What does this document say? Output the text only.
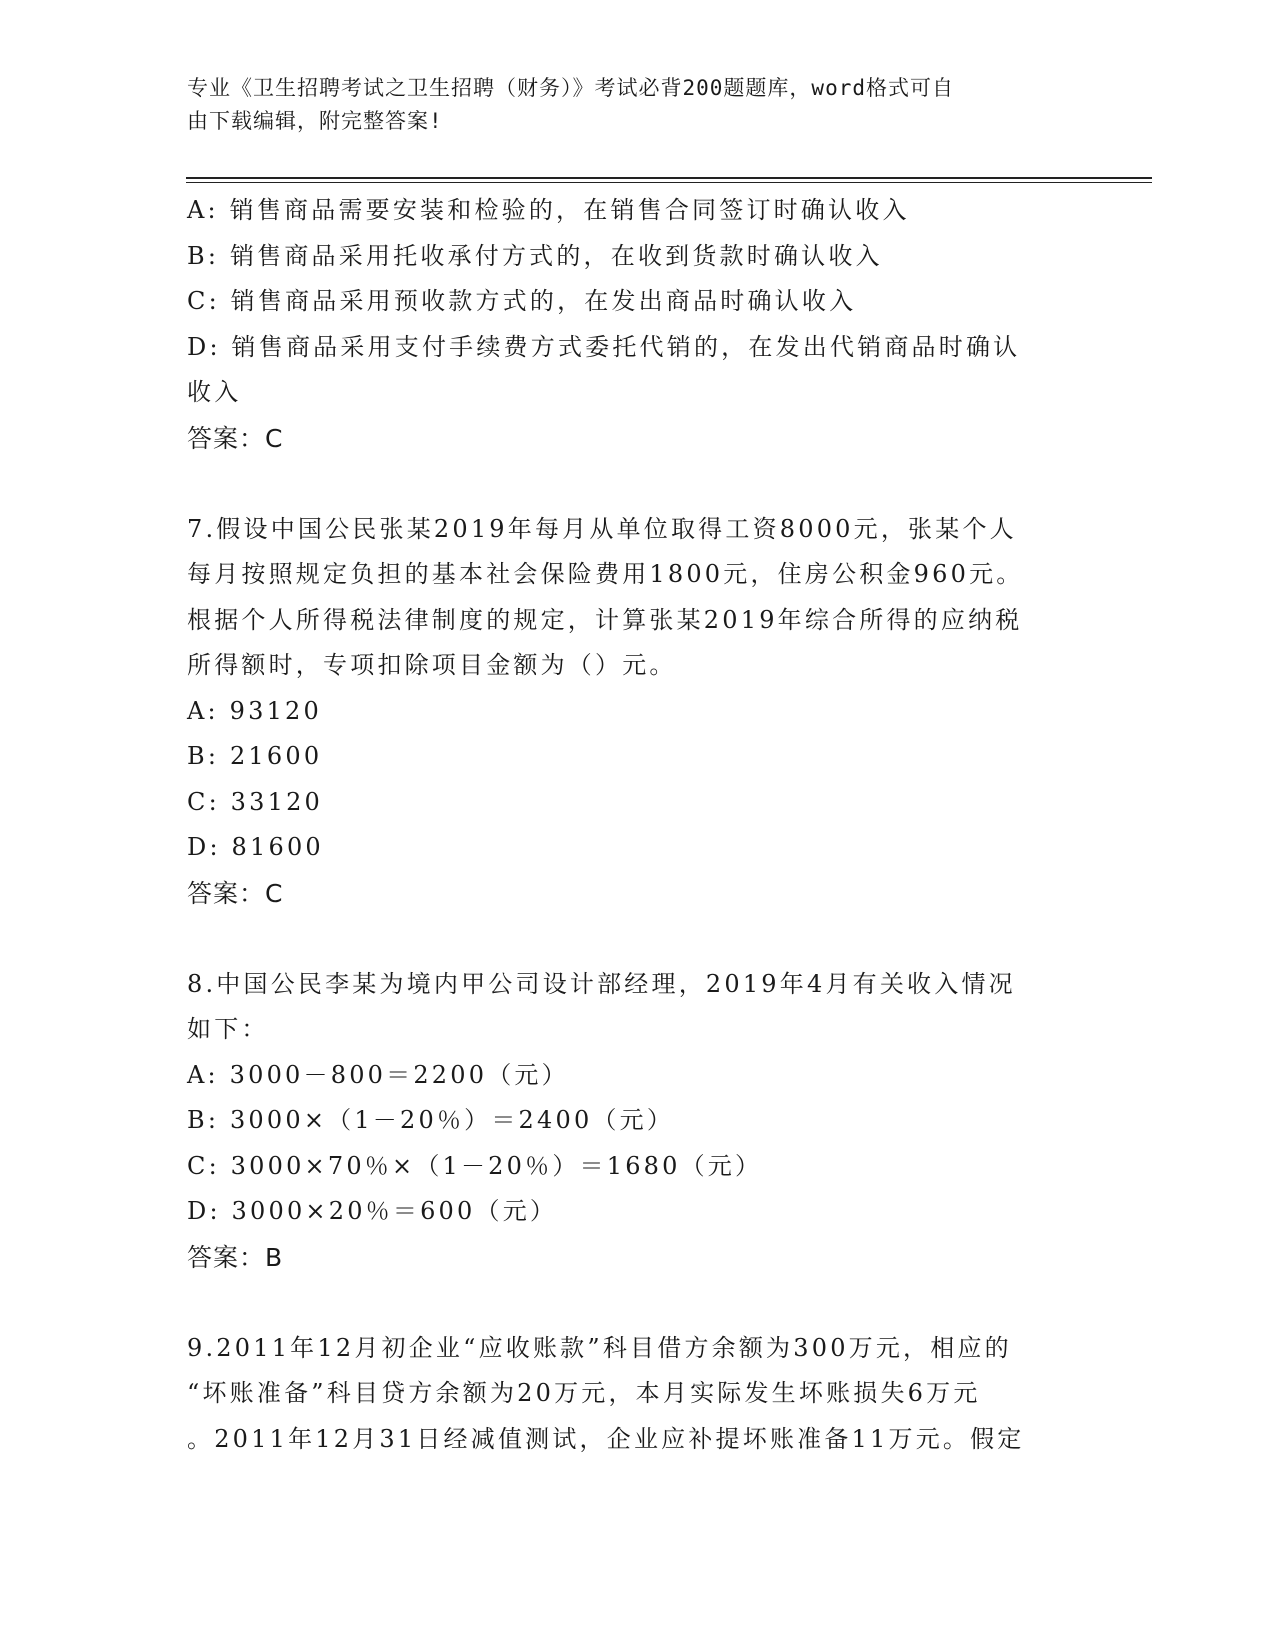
专业《卫生招聘考试之卫生招聘（财务）》考试必背200题题库，word格式可自
由下载编辑，附完整答案!
A: 销售商品需要安装和检验的，在销售合同签订时确认收入
B: 销售商品采用托收承付方式的，在收到货款时确认收入
C: 销售商品采用预收款方式的，在发出商品时确认收入
D: 销售商品采用支付手续费方式委托代销的，在发出代销商品时确认
收入
答案：C
7.假设中国公民张某2019年每月从单位取得工资8000元，张某个人
每月按照规定负担的基本社会保险费用1800元，住房公积金960元。
根据个人所得税法律制度的规定，计算张某2019年综合所得的应纳税
所得额时，专项扣除项目金额为（）元。
A: 93120
B: 21600
C: 33120
D: 81600
答案：C
8.中国公民李某为境内甲公司设计部经理，2019年4月有关收入情况
如下：
A: 3000－800＝2200（元）
B: 3000×（1－20％）＝2400（元）
C: 3000×70％×（1－20％）＝1680（元）
D: 3000×20％＝600（元）
答案：B
9.2011年12月初企业“应收账款”科目借方余额为300万元，相应的
“坏账准备”科目贷方余额为20万元，本月实际发生坏账损失6万元
。2011年12月31日经减值测试，企业应补提坏账准备11万元。假定
